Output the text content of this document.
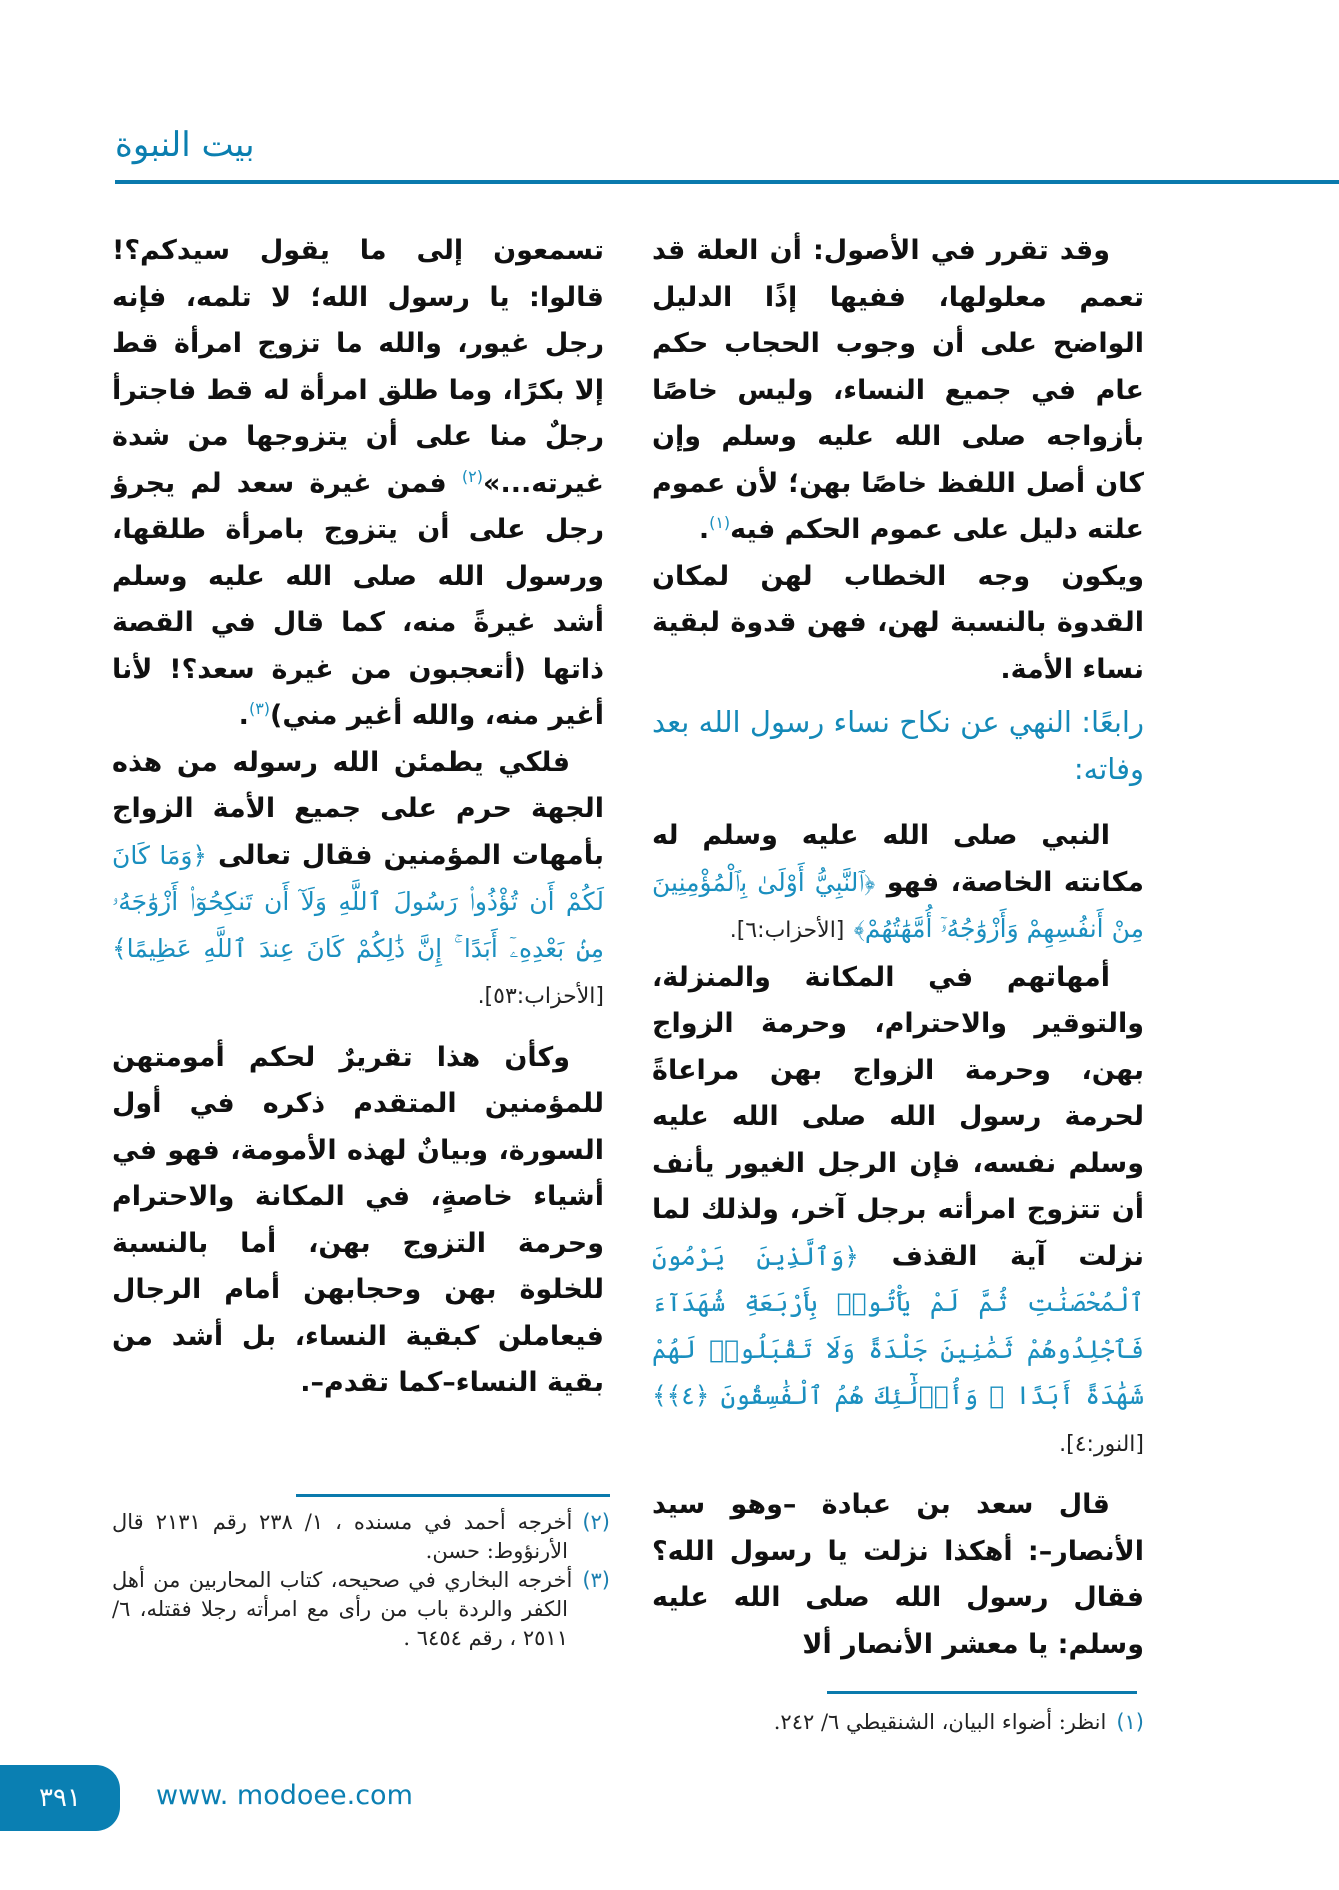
بيت النبوة

وقد تقرر في الأصول: أن العلة قد تعمم معلولها، ففيها إذًا الدليل الواضح على أن وجوب الحجاب حكم عام في جميع النساء، وليس خاصًا بأزواجه صلى الله عليه وسلم وإن كان أصل اللفظ خاصًا بهن؛ لأن عموم علته دليل على عموم الحكم فيه$^{(١)}$.

ويكون وجه الخطاب لهن لمكان القدوة بالنسبة لهن، فهن قدوة لبقية نساء الأمة.

رابعًا: النهي عن نكاح نساء رسول الله بعد وفاته:

النبي صلى الله عليه وسلم له مكانته الخاصة، فهو ﴿ٱلنَّبِيُّ أَوْلَىٰ بِٱلْمُؤْمِنِينَ مِنْ أَنفُسِهِمْ وَأَزْوَٰجُهُۥٓ أُمَّهَٰتُهُمْ﴾ [الأحزاب:٦].

أمهاتهم في المكانة والمنزلة، والتوقير والاحترام، وحرمة الزواج بهن، وحرمة الزواج بهن مراعاةً لحرمة رسول الله صلى الله عليه وسلم نفسه، فإن الرجل الغيور يأنف أن تتزوج امرأته برجل آخر، ولذلك لما نزلت آية القذف ﴿وَٱلَّذِينَ يَرْمُونَ ٱلْمُحْصَنَٰتِ ثُمَّ لَمْ يَأْتُوا۟ بِأَرْبَعَةِ شُهَدَآءَ فَٱجْلِدُوهُمْ ثَمَٰنِينَ جَلْدَةً وَلَا تَقْبَلُوا۟ لَهُمْ شَهَٰدَةً أَبَدًا ۚ وَأُو۟لَٰٓئِكَ هُمُ ٱلْفَٰسِقُونَ ﴿٤﴾﴾ [النور:٤].

قال سعد بن عبادة –وهو سيد الأنصار–: أهكذا نزلت يا رسول الله؟ فقال رسول الله صلى الله عليه وسلم: يا معشر الأنصار ألا

تسمعون إلى ما يقول سيدكم؟! قالوا: يا رسول الله؛ لا تلمه، فإنه رجل غيور، والله ما تزوج امرأة قط إلا بكرًا، وما طلق امرأة له قط فاجترأ رجلٌ منا على أن يتزوجها من شدة غيرته...»$^{(٢)}$ فمن غيرة سعد لم يجرؤ رجل على أن يتزوج بامرأة طلقها، ورسول الله صلى الله عليه وسلم أشد غيرةً منه، كما قال في القصة ذاتها (أتعجبون من غيرة سعد؟! لأنا أغير منه، والله أغير مني)$^{(٣)}$.

فلكي يطمئن الله رسوله من هذه الجهة حرم على جميع الأمة الزواج بأمهات المؤمنين فقال تعالى ﴿وَمَا كَانَ لَكُمْ أَن تُؤْذُوا۟ رَسُولَ ٱللَّهِ وَلَآ أَن تَنكِحُوٓا۟ أَزْوَٰجَهُۥ مِنۢ بَعْدِهِۦٓ أَبَدًا ۚ إِنَّ ذَٰلِكُمْ كَانَ عِندَ ٱللَّهِ عَظِيمًا﴾ [الأحزاب:٥٣].

وكأن هذا تقريرٌ لحكم أمومتهن للمؤمنين المتقدم ذكره في أول السورة، وبيانٌ لهذه الأمومة، فهو في أشياء خاصةٍ، في المكانة والاحترام وحرمة التزوج بهن، أما بالنسبة للخلوة بهن وحجابهن أمام الرجال فيعاملن كبقية النساء، بل أشد من بقية النساء–كما تقدم–.

(١)انظر: أضواء البيان، الشنقيطي ٦/ ٢٤٢.
(٢)أخرجه أحمد في مسنده ، ١/ ٢٣٨ رقم ٢١٣١ قال الأرنؤوط: حسن.
(٣)أخرجه البخاري في صحيحه، كتاب المحاربين من أهل الكفر والردة باب من رأى مع امرأته رجلا فقتله، ٦/ ٢٥١١ ، رقم ٦٤٥٤ .
٣٩١	www. modoee.com
